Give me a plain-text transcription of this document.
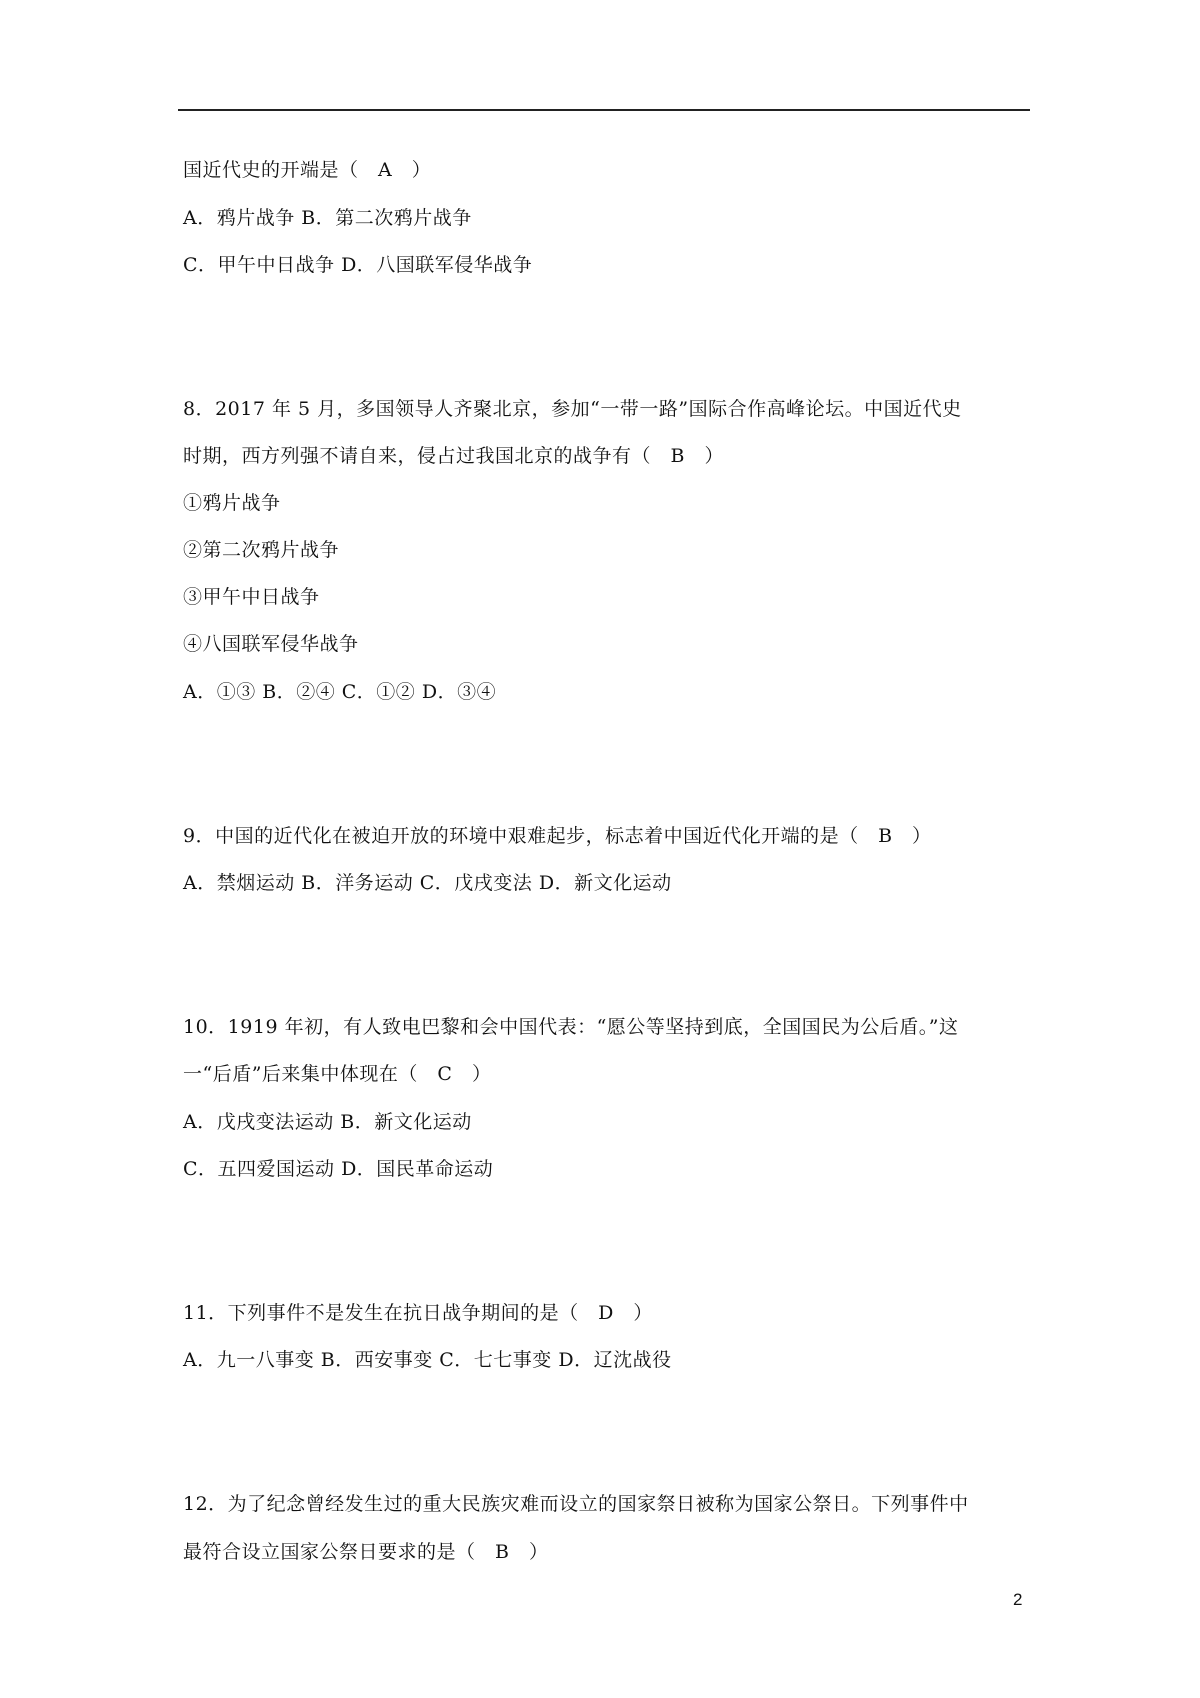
国近代史的开端是（　A　）
A．鸦片战争 B．第二次鸦片战争
C．甲午中日战争 D．八国联军侵华战争
8．2017 年 5 月，多国领导人齐聚北京，参加“一带一路”国际合作高峰论坛。中国近代史
时期，西方列强不请自来，侵占过我国北京的战争有（　B　）
①鸦片战争
②第二次鸦片战争
③甲午中日战争
④八国联军侵华战争
A．①③ B．②④ C．①② D．③④
9．中国的近代化在被迫开放的环境中艰难起步，标志着中国近代化开端的是（　B　）
A．禁烟运动 B．洋务运动 C．戊戌变法 D．新文化运动
10．1919 年初，有人致电巴黎和会中国代表：“愿公等坚持到底，全国国民为公后盾。”这
一“后盾”后来集中体现在（　C　）
A．戊戌变法运动 B．新文化运动
C．五四爱国运动 D．国民革命运动
11．下列事件不是发生在抗日战争期间的是（　D　）
A．九一八事变 B．西安事变 C．七七事变 D．辽沈战役
12．为了纪念曾经发生过的重大民族灾难而设立的国家祭日被称为国家公祭日。下列事件中
最符合设立国家公祭日要求的是（　B　）
2
